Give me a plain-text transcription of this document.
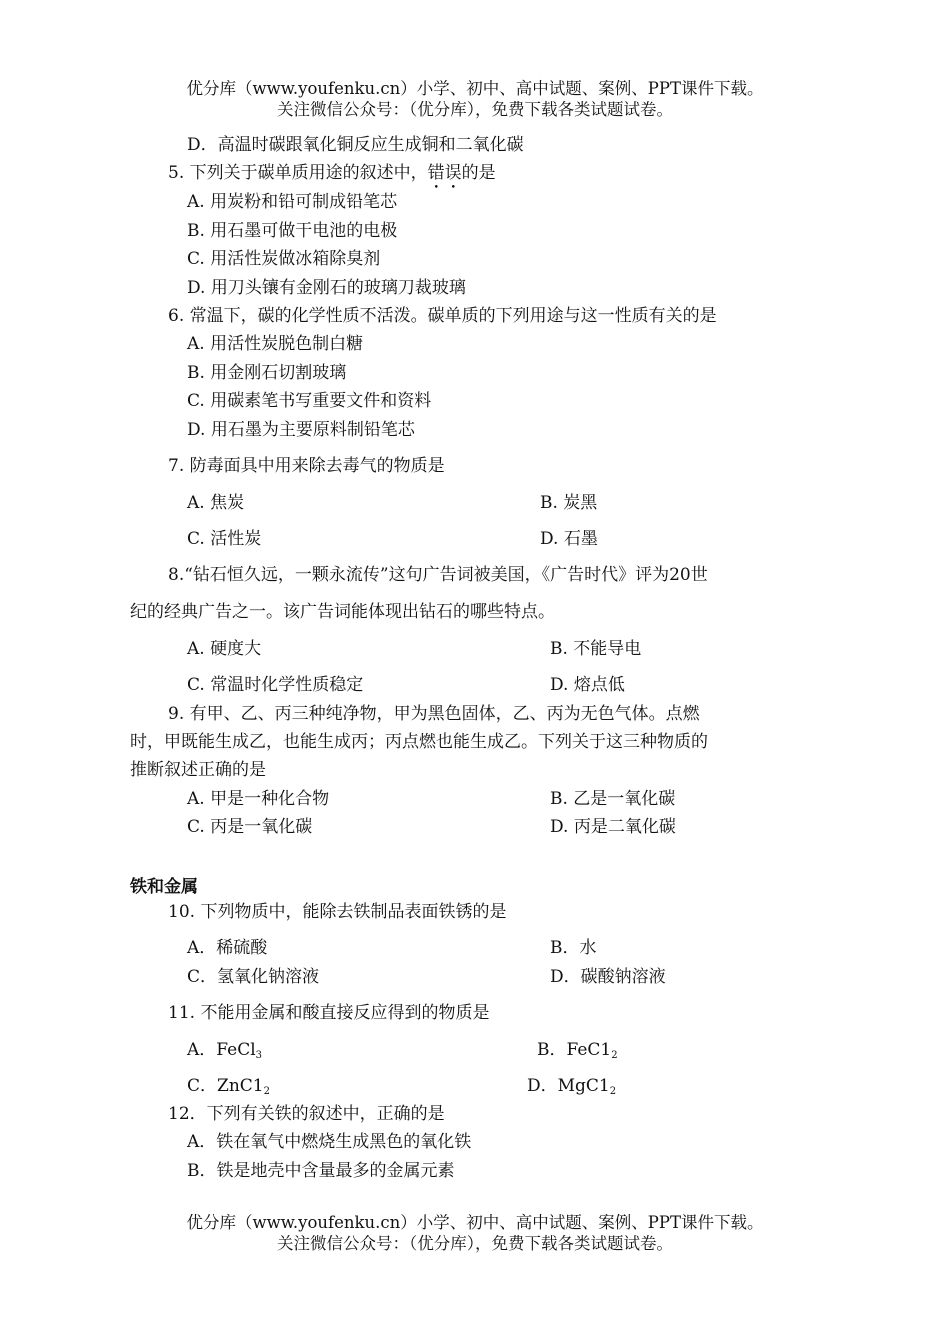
优分库（www.youfenku.cn）小学、初中、高中试题、案例、PPT课件下载。
关注微信公众号：（优分库），免费下载各类试题试卷。
D．高温时碳跟氧化铜反应生成铜和二氧化碳
5. 下列关于碳单质用途的叙述中，错误的是
A. 用炭粉和铅可制成铅笔芯
B. 用石墨可做干电池的电极
C. 用活性炭做冰箱除臭剂
D. 用刀头镶有金刚石的玻璃刀裁玻璃
6. 常温下，碳的化学性质不活泼。碳单质的下列用途与这一性质有关的是
A. 用活性炭脱色制白糖
B. 用金刚石切割玻璃
C. 用碳素笔书写重要文件和资料
D. 用石墨为主要原料制铅笔芯
7. 防毒面具中用来除去毒气的物质是
A. 焦炭	B. 炭黑
C. 活性炭	D. 石墨
8.“钻石恒久远，一颗永流传”这句广告词被美国，《广告时代》评为20世
纪的经典广告之一。该广告词能体现出钻石的哪些特点。
A. 硬度大	B. 不能导电
C. 常温时化学性质稳定	D. 熔点低
9. 有甲、乙、丙三种纯净物，甲为黑色固体，乙、丙为无色气体。点燃
时，甲既能生成乙，也能生成丙；丙点燃也能生成乙。下列关于这三种物质的
推断叙述正确的是
A. 甲是一种化合物	B. 乙是一氧化碳
C. 丙是一氧化碳	D. 丙是二氧化碳
铁和金属
10. 下列物质中，能除去铁制品表面铁锈的是
A．稀硫酸	B．水
C．氢氧化钠溶液	D．碳酸钠溶液
11. 不能用金属和酸直接反应得到的物质是
A．FeCl$_3$	B．$FeC1_2$
C．$ZnC1_2$	D．$MgC1_2$
12．下列有关铁的叙述中，正确的是
A．铁在氧气中燃烧生成黑色的氧化铁
B．铁是地壳中含量最多的金属元素
优分库（www.youfenku.cn）小学、初中、高中试题、案例、PPT课件下载。
关注微信公众号：（优分库），免费下载各类试题试卷。
